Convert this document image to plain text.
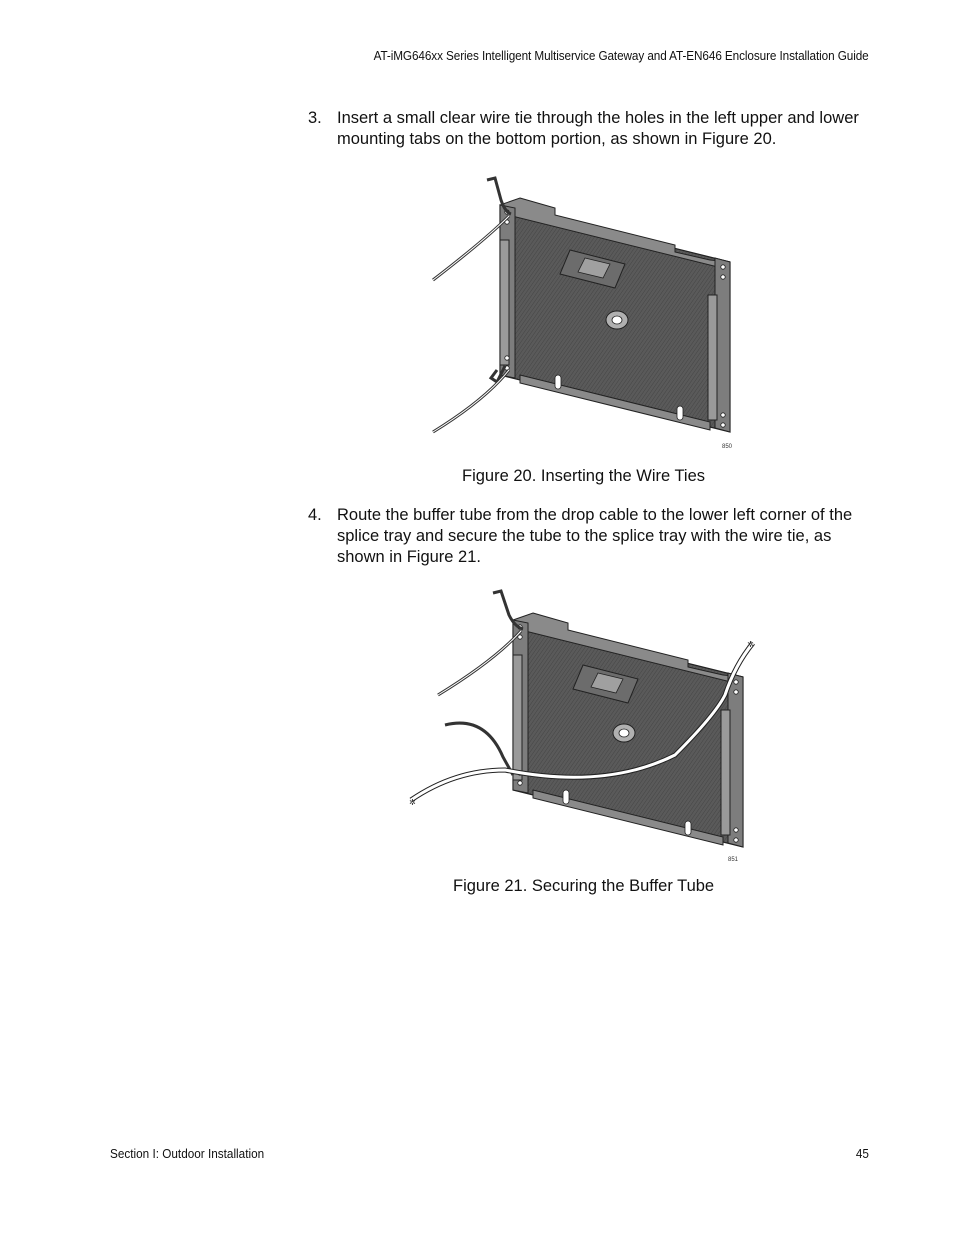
AT-iMG646xx Series Intelligent Multiservice Gateway and AT-EN646 Enclosure Installation Guide
3. Insert a small clear wire tie through the holes in the left upper and lower mounting tabs on the bottom portion, as shown in Figure 20.
850
Figure 20. Inserting the Wire Ties
4. Route the buffer tube from the drop cable to the lower left corner of the splice tray and secure the tube to the splice tray with the wire tie, as shown in Figure 21.
✲
✲
851
Figure 21. Securing the Buffer Tube
Section I: Outdoor Installation	45
